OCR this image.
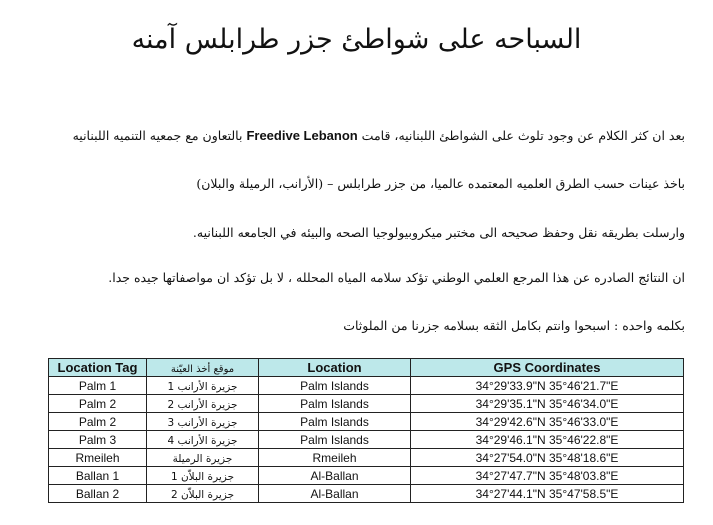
السباحه على شواطئ جزر طرابلس آمنه
بعد ان كثر الكلام عن وجود تلوث على الشواطئ اللبنانيه، قامت Freedive Lebanon بالتعاون مع جمعيه التنميه اللبنانيه
باخذ عينات حسب الطرق العلميه المعتمده عالميا، من جزر طرابلس – (الأرانب، الرميلة والبلان)
وارسلت بطريقه نقل وحفظ صحيحه الى مختبر ميكروبيولوجيا الصحه والبيئه في الجامعه اللبنانيه.
ان النتائج الصادره عن هذا المرجع العلمي الوطني تؤكد سلامه المياه المحلله ، لا بل تؤكد ان مواصفاتها جيده جدا.
بكلمه واحده : اسبحوا وانتم بكامل الثقه بسلامه جزرنا من الملوثات
Location Tag	موقع أخذ العيّنة	Location	GPS Coordinates
Palm 1	جزيرة الأرانب 1	Palm Islands	34°29'33.9"N 35°46'21.7"E
Palm 2	جزيرة الأرانب 2	Palm Islands	34°29'35.1"N 35°46'34.0"E
Palm 2	جزيرة الأرانب 3	Palm Islands	34°29'42.6"N 35°46'33.0"E
Palm 3	جزيرة الأرانب 4	Palm Islands	34°29'46.1"N 35°46'22.8"E
Rmeileh	جزيرة الرميلة	Rmeileh	34°27'54.0"N 35°48'18.6"E
Ballan 1	جزيرة البلاّن 1	Al-Ballan	34°27'47.7"N 35°48'03.8"E
Ballan 2	جزيرة البلاّن 2	Al-Ballan	34°27'44.1"N 35°47'58.5"E
